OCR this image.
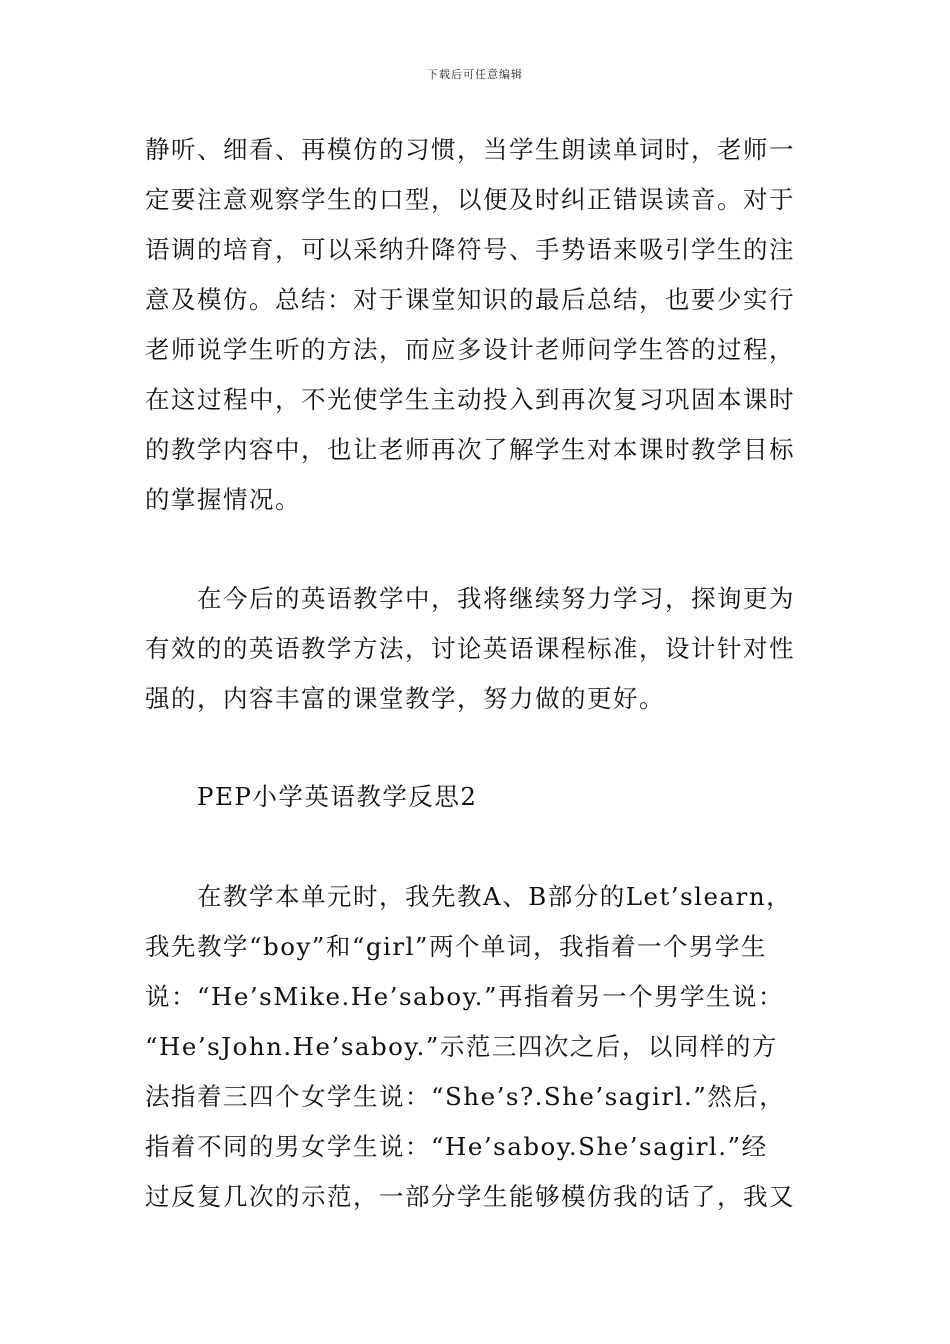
下载后可任意编辑
静听、细看、再模仿的习惯，当学生朗读单词时，老师一
定要注意观察学生的口型，以便及时纠正错误读音。对于
语调的培育，可以采纳升降符号、手势语来吸引学生的注
意及模仿。总结：对于课堂知识的最后总结，也要少实行
老师说学生听的方法，而应多设计老师问学生答的过程，
在这过程中，不光使学生主动投入到再次复习巩固本课时
的教学内容中，也让老师再次了解学生对本课时教学目标
的掌握情况。
在今后的英语教学中，我将继续努力学习，探询更为
有效的的英语教学方法，讨论英语课程标准，设计针对性
强的，内容丰富的课堂教学，努力做的更好。
PEP小学英语教学反思2
在教学本单元时，我先教A、B部分的Let’slearn，
我先教学“boy”和“girl”两个单词，我指着一个男学生
说：“He’sMike.He’saboy.”再指着另一个男学生说：
“He’sJohn.He’saboy.”示范三四次之后，以同样的方
法指着三四个女学生说：“She’s?.She’sagirl.”然后，
指着不同的男女学生说：“He’saboy.She’sagirl.”经
过反复几次的示范，一部分学生能够模仿我的话了，我又
